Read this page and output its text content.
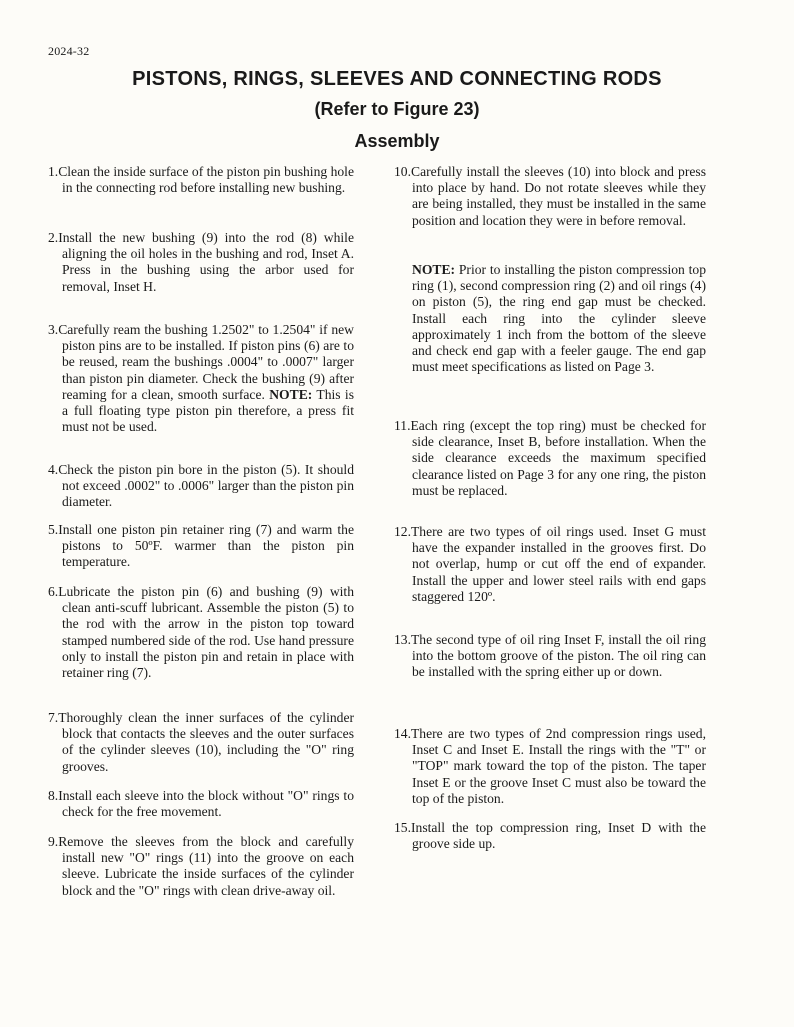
2024-32
PISTONS, RINGS, SLEEVES AND CONNECTING RODS
(Refer to Figure 23)
Assembly
1.Clean the inside surface of the piston pin bushing hole in the connecting rod before installing new bushing.
2.Install the new bushing (9) into the rod (8) while aligning the oil holes in the bushing and rod, Inset A. Press in the bushing using the arbor used for removal, Inset H.
3.Carefully ream the bushing 1.2502" to 1.2504" if new piston pins are to be installed. If piston pins (6) are to be reused, ream the bushings .0004" to .0007" larger than piston pin diameter. Check the bushing (9) after reaming for a clean, smooth surface. NOTE: This is a full floating type piston pin therefore, a press fit must not be used.
4.Check the piston pin bore in the piston (5). It should not exceed .0002" to .0006" larger than the piston pin diameter.
5.Install one piston pin retainer ring (7) and warm the pistons to 50ºF. warmer than the piston pin temperature.
6.Lubricate the piston pin (6) and bushing (9) with clean anti-scuff lubricant. Assemble the piston (5) to the rod with the arrow in the piston top toward stamped numbered side of the rod. Use hand pressure only to install the piston pin and retain in place with retainer ring (7).
7.Thoroughly clean the inner surfaces of the cylinder block that contacts the sleeves and the outer surfaces of the cylinder sleeves (10), including the "O" ring grooves.
8.Install each sleeve into the block without "O" rings to check for the free movement.
9.Remove the sleeves from the block and carefully install new "O" rings (11) into the groove on each sleeve. Lubricate the inside surfaces of the cylinder block and the "O" rings with clean drive-away oil.
10.Carefully install the sleeves (10) into block and press into place by hand. Do not rotate sleeves while they are being installed, they must be installed in the same position and location they were in before removal.
NOTE: Prior to installing the piston compression top ring (1), second compression ring (2) and oil rings (4) on piston (5), the ring end gap must be checked. Install each ring into the cylinder sleeve approximately 1 inch from the bottom of the sleeve and check end gap with a feeler gauge. The end gap must meet specifications as listed on Page 3.
11.Each ring (except the top ring) must be checked for side clearance, Inset B, before installation. When the side clearance exceeds the maximum specified clearance listed on Page 3 for any one ring, the piston must be replaced.
12.There are two types of oil rings used. Inset G must have the expander installed in the grooves first. Do not overlap, hump or cut off the end of expander. Install the upper and lower steel rails with end gaps staggered 120º.
13.The second type of oil ring Inset F, install the oil ring into the bottom groove of the piston. The oil ring can be installed with the spring either up or down.
14.There are two types of 2nd compression rings used, Inset C and Inset E. Install the rings with the "T" or "TOP" mark toward the top of the piston. The taper Inset E or the groove Inset C must also be toward the top of the piston.
15.Install the top compression ring, Inset D with the groove side up.
